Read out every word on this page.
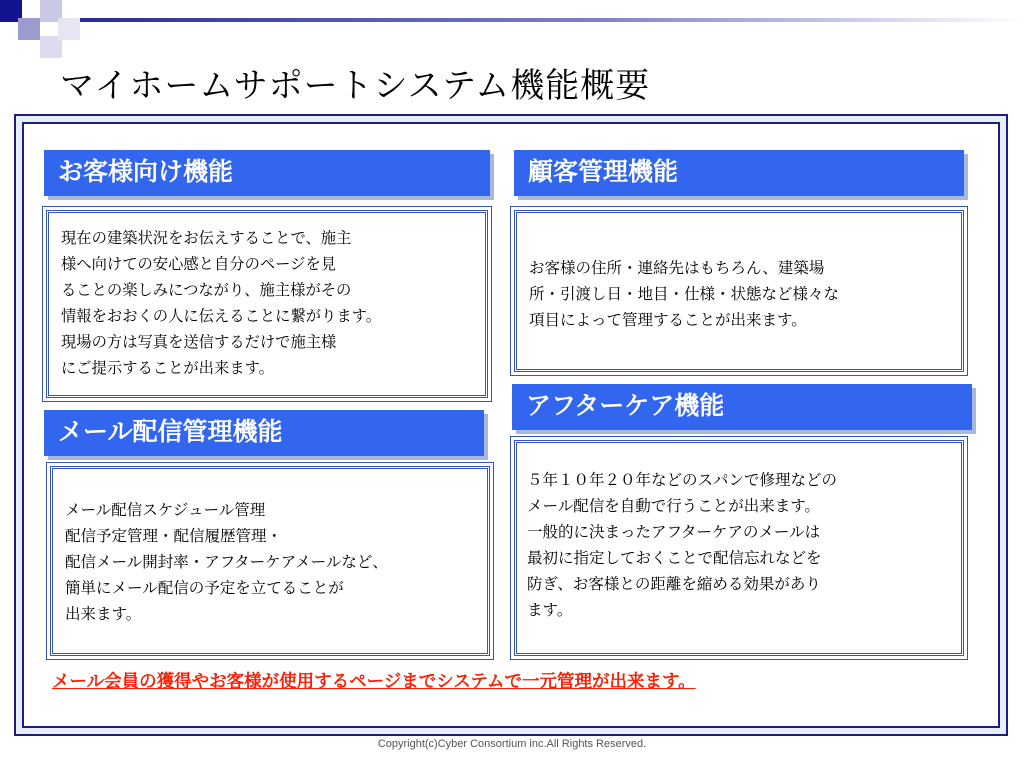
マイホームサポートシステム機能概要
お客様向け機能
現在の建築状況をお伝えすることで、施主
様へ向けての安心感と自分のページを見
ることの楽しみにつながり、施主様がその
情報をおおくの人に伝えることに繋がります。
現場の方は写真を送信するだけで施主様
にご提示することが出来ます。
顧客管理機能
お客様の住所・連絡先はもちろん、建築場
所・引渡し日・地目・仕様・状態など様々な
項目によって管理することが出来ます。
メール配信管理機能
メール配信スケジュール管理
配信予定管理・配信履歴管理・
配信メール開封率・アフターケアメールなど、
簡単にメール配信の予定を立てることが
出来ます。
アフターケア機能
５年１０年２０年などのスパンで修理などの
メール配信を自動で行うことが出来ます。
一般的に決まったアフターケアのメールは
最初に指定しておくことで配信忘れなどを
防ぎ、お客様との距離を縮める効果があり
ます。
メール会員の獲得やお客様が使用するページまでシステムで一元管理が出来ます。
Copyright(c)Cyber Consortium inc.All Rights Reserved.
